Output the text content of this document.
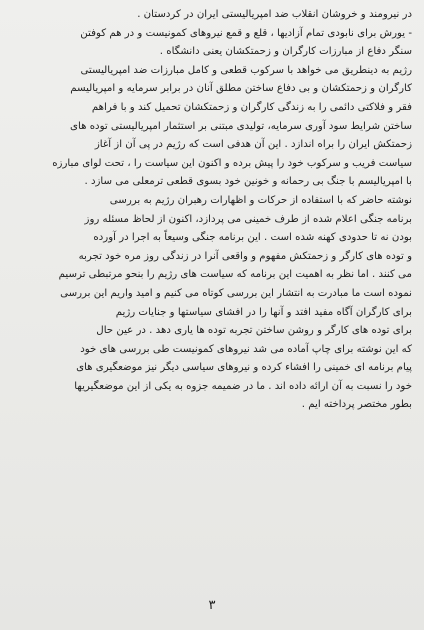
در نیرومند و خروشان انقلاب ضد امپریالیستی ایران در کردستان .
- یورش برای نابودی تمام آزادیها ، قلع و قمع نیروهای کمونیست و در هم کوفتن
سنگر دفاع از مبارزات کارگران و زحمتکشان یعنی دانشگاه .
رژیم به دینطریق می خواهد با سرکوب قطعی و کامل مبارزات ضد امپریالیستی
کارگران و زحمتکشان و بی دفاع ساختن مطلق آنان در برابر سرمایه و امپریالیسم
فقر و فلاکتی دائمی را به زندگی کارگران و زحمتکشان تحمیل کند و با فراهم
ساختن شرایط سود آوری سرمایه، تولیدی مبتنی بر استثمار امپریالیستی توده های
زحمتکش ایران را براه اندازد . این آن هدفی است که رژیم در پی آن از آغاز
سیاست فریب و سرکوب خود را پیش برده و اکنون این سیاست را ، تحت لوای مبارزه
با امپریالیسم با جنگ بی رحمانه و خونین خود بسوی قطعی ترمعلی می سازد .
نوشته حاضر که با استفاده از حرکات و اظهارات رهبران رژیم به بررسی
برنامه جنگی اعلام شده از طرف خمینی می پردازد، اکنون از لحاظ مسئله روز
بودن نه تا حدودی کهنه شده است . این برنامه جنگی وسیعاً به اجرا در آورده
و توده های کارگر و زحمتکش مفهوم و واقعی آنرا در زندگی روز مره خود تجربه
می کنند . اما نظر به اهمیت این برنامه که سیاست های رژیم را بنحو مرتبطی ترسیم
نموده است ما مبادرت به انتشار این بررسی کوتاه می کنیم و امید واریم این بررسی
برای کارگران آگاه مفید افتد و آنها را در افشای سیاستها و جنایات رژیم
برای توده های کارگر و روشن ساختن تجربه توده ها یاری دهد . در عین حال
که این نوشته برای چاپ آماده می شد نیروهای کمونیست طی بررسی های خود
پیام برنامه ای خمینی را افشاء کرده و نیروهای سیاسی دیگر نیز موضعگیری های
خود را نسبت به آن ارائه داده اند . ما در ضمیمه جزوه به یکی از این موضعگیریها
بطور مختصر پرداخته ایم .
٣
